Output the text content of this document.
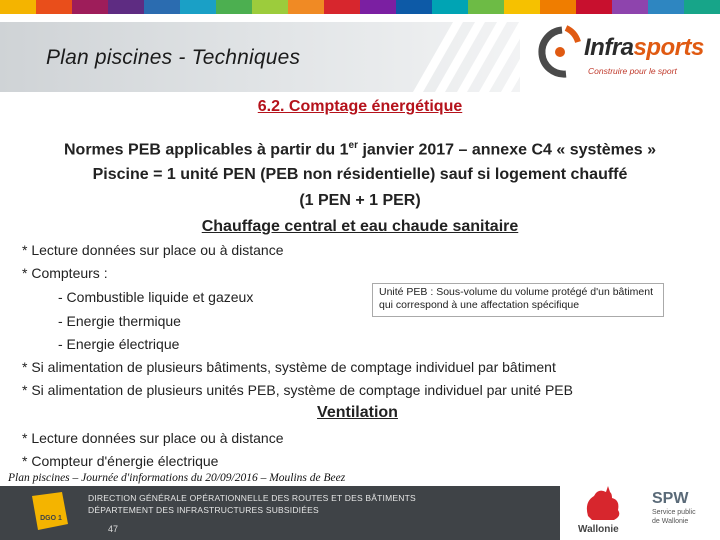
Plan piscines - Techniques	Infrasports
Construire pour le sport
6.2. Comptage énergétique
Normes PEB applicables à partir du 1er janvier 2017 – annexe C4 « systèmes »
Piscine = 1 unité PEN (PEB non résidentielle) sauf si logement chauffé
(1 PEN + 1 PER)
Chauffage central et eau chaude sanitaire
* Lecture données sur place ou à distance
* Compteurs :
- Combustible liquide et gazeux
- Energie thermique
- Energie électrique
* Si alimentation de plusieurs bâtiments, système de comptage individuel par bâtiment
* Si alimentation de plusieurs unités PEB, système de comptage individuel par unité PEB
Unité PEB : Sous-volume du volume protégé d'un bâtiment qui correspond à une affectation spécifique
Ventilation
* Lecture données sur place ou à distance
* Compteur d'énergie électrique
Plan piscines – Journée d'informations du 20/09/2016 – Moulins de Beez
DGO 1
DIRECTION GÉNÉRALE OPÉRATIONNELLE DES ROUTES ET DES BÂTIMENTS
DÉPARTEMENT DES INFRASTRUCTURES SUBSIDIÉES
47	Wallonie
SPW
Service public
de Wallonie
